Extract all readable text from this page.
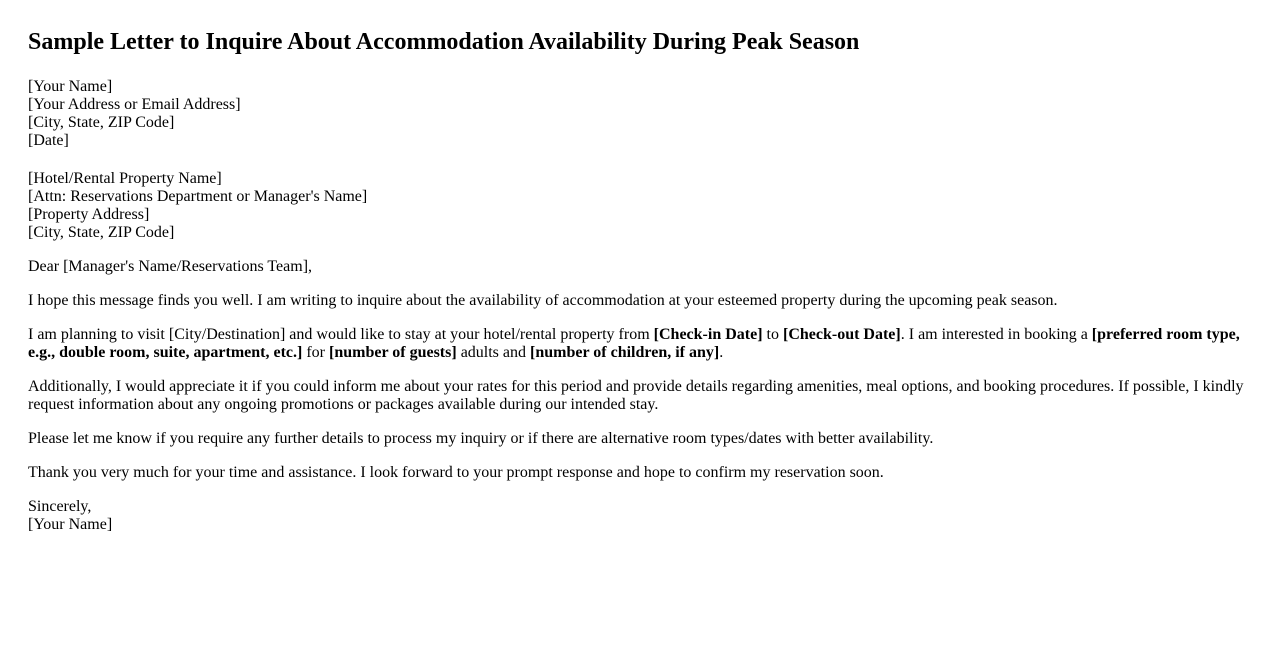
Sample Letter to Inquire About Accommodation Availability During Peak Season
[Your Name]
[Your Address or Email Address]
[City, State, ZIP Code]
[Date]
[Hotel/Rental Property Name]
[Attn: Reservations Department or Manager's Name]
[Property Address]
[City, State, ZIP Code]

Dear [Manager's Name/Reservations Team],

I hope this message finds you well. I am writing to inquire about the availability of accommodation at your esteemed property during the upcoming peak season.

I am planning to visit [City/Destination] and would like to stay at your hotel/rental property from [Check-in Date] to [Check-out Date]. I am interested in booking a [preferred room type, e.g., double room, suite, apartment, etc.] for [number of guests] adults and [number of children, if any].

Additionally, I would appreciate it if you could inform me about your rates for this period and provide details regarding amenities, meal options, and booking procedures. If possible, I kindly request information about any ongoing promotions or packages available during our intended stay.

Please let me know if you require any further details to process my inquiry or if there are alternative room types/dates with better availability.

Thank you very much for your time and assistance. I look forward to your prompt response and hope to confirm my reservation soon.

Sincerely,
[Your Name]
